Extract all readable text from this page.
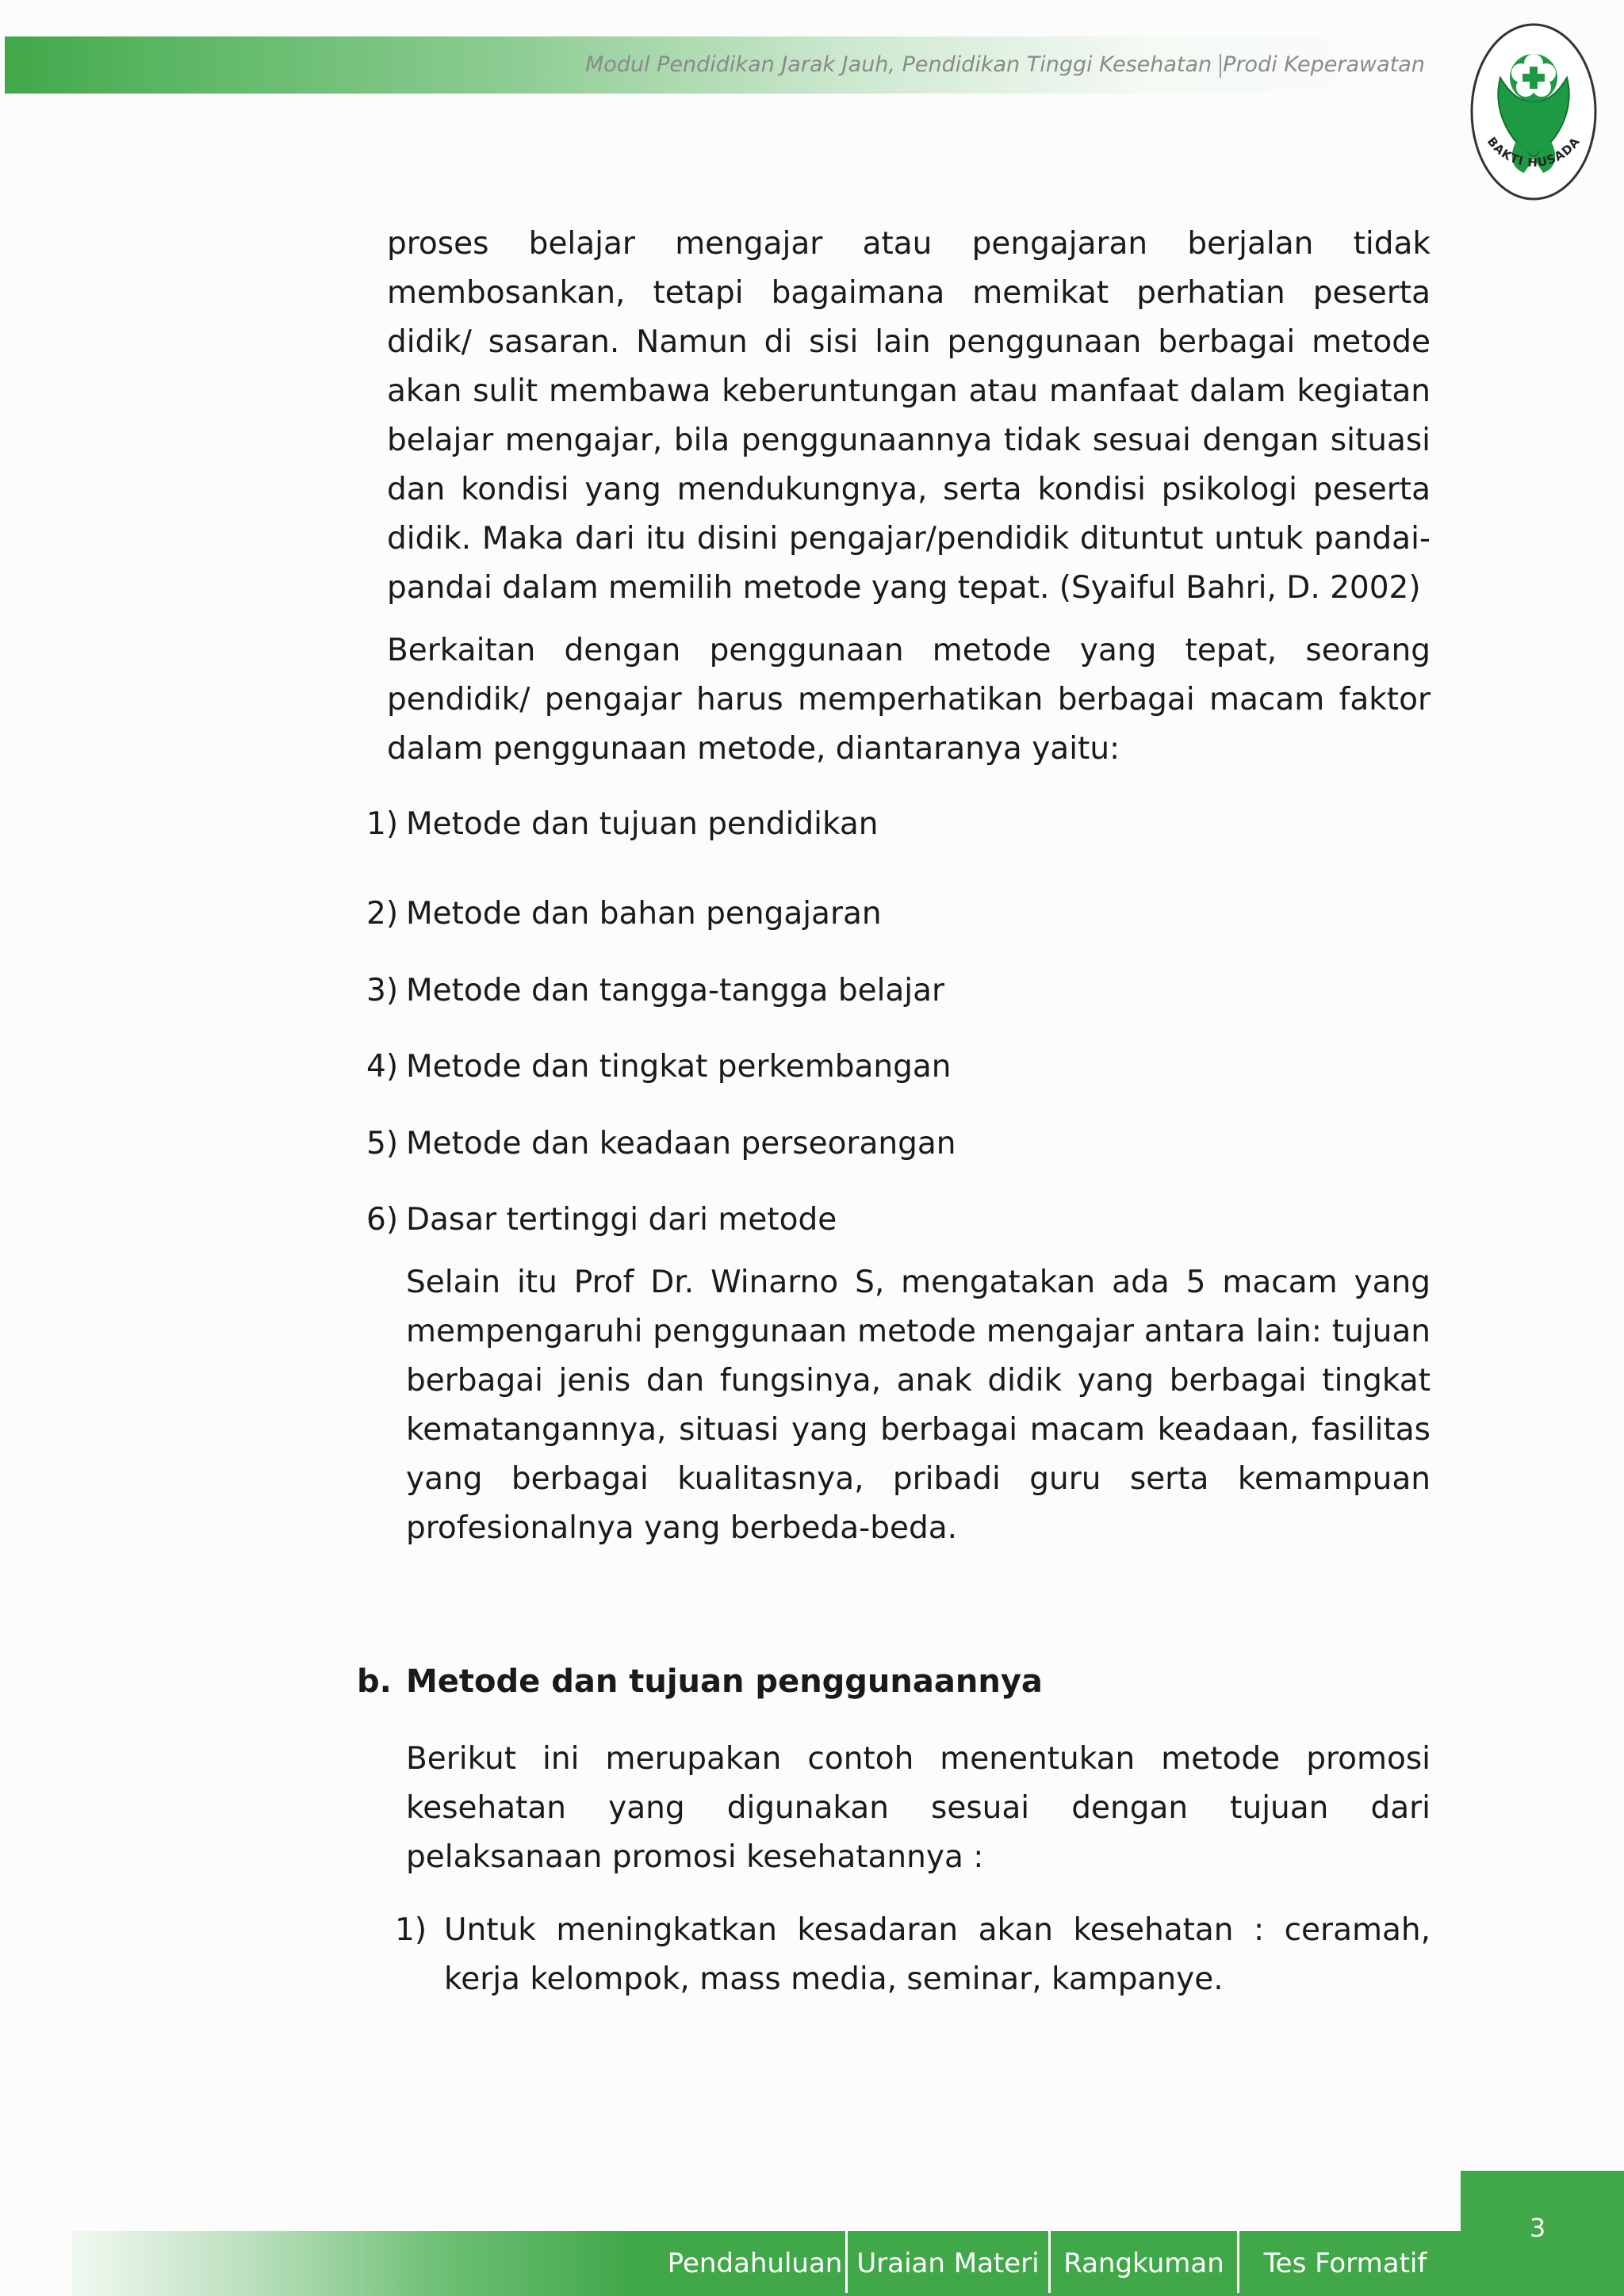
Modul Pendidikan Jarak Jauh, Pendidikan Tinggi Kesehatan Prodi Keperawatan
BAKTI HUSADA

proses belajar mengajar atau pengajaran berjalan tidak membosankan, tetapi bagaimana memikat perhatian peserta didik/ sasaran. Namun di sisi lain penggunaan berbagai metode akan sulit membawa keberuntungan atau manfaat dalam kegiatan belajar mengajar, bila penggunaannya tidak sesuai dengan situasi dan kondisi yang mendukungnya, serta kondisi psikologi peserta didik. Maka dari itu disini pengajar/pendidik dituntut untuk pandai-pandai dalam memilih metode yang tepat. (Syaiful Bahri, D. 2002)

Berkaitan dengan penggunaan metode yang tepat, seorang pendidik/ pengajar harus memperhatikan berbagai macam faktor dalam penggunaan metode, diantaranya yaitu:

1) Metode dan tujuan pendidikan
2) Metode dan bahan pengajaran
3) Metode dan tangga-tangga belajar
4) Metode dan tingkat perkembangan
5) Metode dan keadaan perseorangan
6) Dasar tertinggi dari metode

Selain itu Prof Dr. Winarno S, mengatakan ada 5 macam yang mempengaruhi penggunaan metode mengajar antara lain: tujuan berbagai jenis dan fungsinya, anak didik yang berbagai tingkat kematangannya, situasi yang berbagai macam keadaan, fasilitas yang berbagai kualitasnya, pribadi guru serta kemampuan profesionalnya yang berbeda-beda.

b. Metode dan tujuan penggunaannya

Berikut ini merupakan contoh menentukan metode promosi kesehatan yang digunakan sesuai dengan tujuan dari pelaksanaan promosi kesehatannya :

1) Untuk meningkatkan kesadaran akan kesehatan : ceramah, kerja kelompok, mass media, seminar, kampanye.
3
Pendahuluan Uraian Materi Rangkuman	Tes Formatif
